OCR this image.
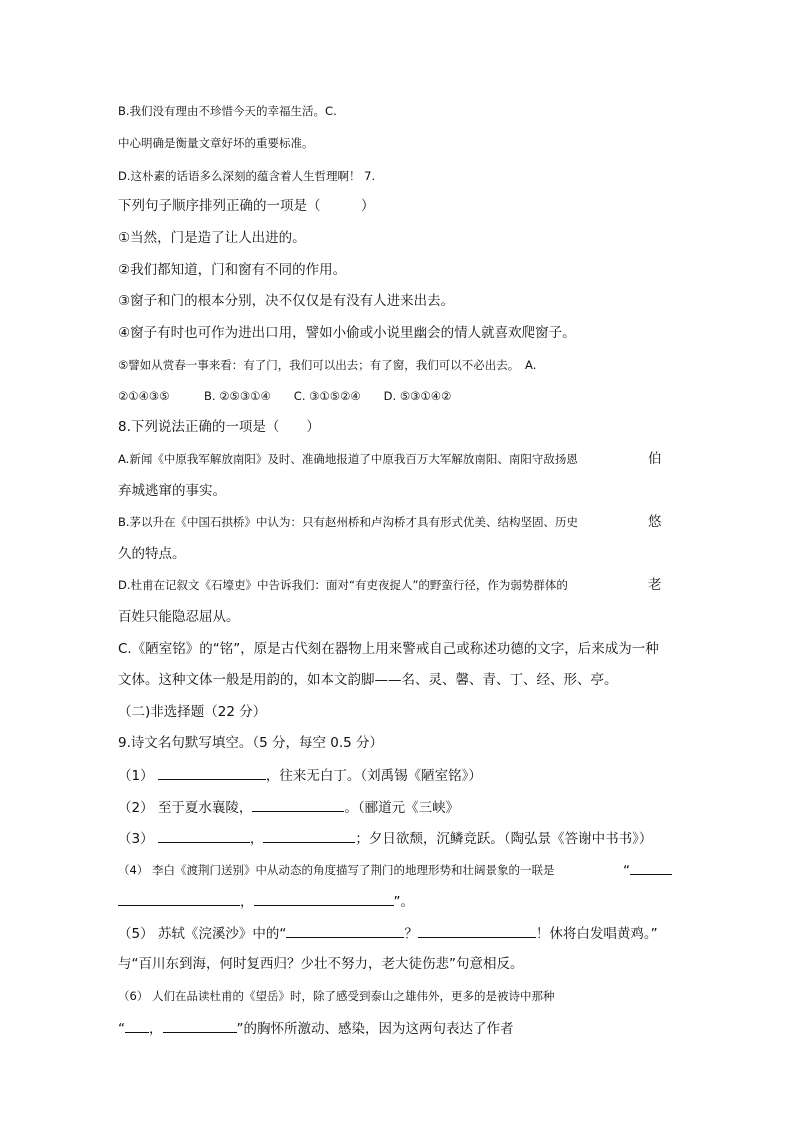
B.我们没有理由不珍惜今天的幸福生活。C.
中心明确是衡量文章好坏的重要标准。
D.这朴素的话语多么深刻的蕴含着人生哲理啊！ 7.
下列句子顺序排列正确的一项是（　　　）
①当然，门是造了让人出进的。
②我们都知道，门和窗有不同的作用。
③窗子和门的根本分别，决不仅仅是有没有人进来出去。
④窗子有时也可作为进出口用，譬如小偷或小说里幽会的情人就喜欢爬窗子。
⑤譬如从赏春一事来看：有了门，我们可以出去；有了窗，我们可以不必出去。　A.
②①④③⑤　　　B. ②⑤③①④　　C. ③①⑤②④　　D. ⑤③①④②
8.下列说法正确的一项是（　　）
A.新闻《中原我军解放南阳》及时、准确地报道了中原我百万大军解放南阳、南阳守敌扬恩	伯
弃城逃窜的事实。
B.茅以升在《中国石拱桥》中认为：只有赵州桥和卢沟桥才具有形式优美、结构坚固、历史	悠
久的特点。
D.杜甫在记叙文《石壕吏》中告诉我们：面对“有吏夜捉人”的野蛮行径，作为弱势群体的	老
百姓只能隐忍屈从。
C.《陋室铭》的“铭”，原是古代刻在器物上用来警戒自己或称述功德的文字，后来成为一种
文体。这种文体一般是用韵的，如本文韵脚——名、灵、馨、青、丁、经、形、亭。
（二)非选择题（22 分）
9.诗文名句默写填空。（5 分，每空 0.5 分）
（1）	，往来无白丁。（刘禹锡《陋室铭》）
（2） 至于夏水襄陵，	。（郦道元《三峡》
（3）	，	；夕日欲颓，沉鳞竞跃。（陶弘景《答谢中书书》）
（4） 李白《渡荆门送别》中从动态的角度描写了荆门的地理形势和壮阔景象的一联是	“
，	”。
（5） 苏轼《浣溪沙》中的“	？	！休将白发唱黄鸡。”
与“百川东到海，何时复西归？少壮不努力，老大徒伤悲”句意相反。
（6） 人们在品读杜甫的《望岳》时，除了感受到泰山之雄伟外，更多的是被诗中那种
“ ，	”的胸怀所激动、感染，因为这两句表达了作者
